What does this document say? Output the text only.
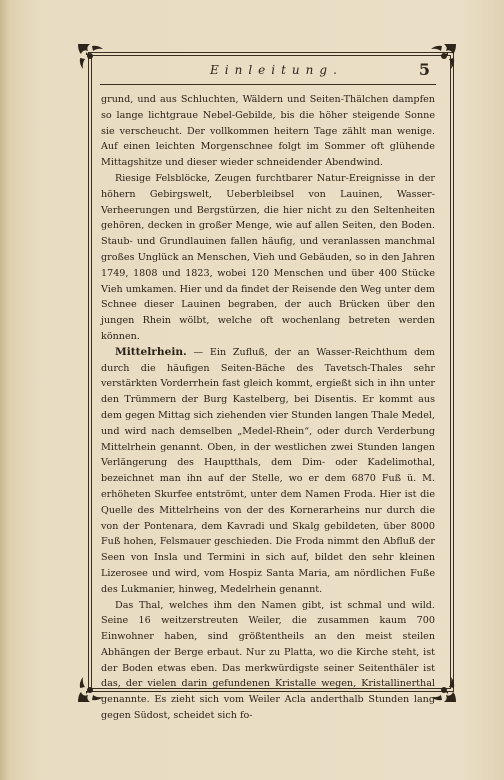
Einleitung.	5

grund, und aus Schluchten, Wäldern und Seiten-Thälchen dampfen so lange lichtgraue Nebel-Gebilde, bis die höher steigende Sonne sie verscheucht. Der vollkommen heitern Tage zählt man wenige. Auf einen leichten Morgenschnee folgt im Sommer oft glühende Mittagshitze und dieser wieder schneidender Abendwind.

Riesige Felsblöcke, Zeugen furchtbarer Natur-Ereignisse in der höhern Gebirgswelt, Ueberbleibsel von Lauinen, Wasser-Verheerungen und Bergstürzen, die hier nicht zu den Seltenheiten gehören, decken in großer Menge, wie auf allen Seiten, den Boden. Staub- und Grundlauinen fallen häufig, und veranlassen manchmal großes Unglück an Menschen, Vieh und Gebäuden, so in den Jahren 1749, 1808 und 1823, wobei 120 Menschen und über 400 Stücke Vieh umkamen. Hier und da findet der Reisende den Weg unter dem Schnee dieser Lauinen begraben, der auch Brücken über den jungen Rhein wölbt, welche oft wochenlang betreten werden können.

Mittelrhein. — Ein Zufluß, der an Wasser-Reichthum dem durch die häufigen Seiten-Bäche des Tavetsch-Thales sehr verstärkten Vorderrhein fast gleich kommt, ergießt sich in ihn unter den Trümmern der Burg Kastelberg, bei Disentis. Er kommt aus dem gegen Mittag sich ziehenden vier Stunden langen Thale Medel, und wird nach demselben „Medel-Rhein“, oder durch Verderbung Mittelrhein genannt. Oben, in der westlichen zwei Stunden langen Verlängerung des Hauptthals, dem Dim- oder Kadelimothal, bezeichnet man ihn auf der Stelle, wo er dem 6870 Fuß ü. M. erhöheten Skurfee entströmt, unter dem Namen Froda. Hier ist die Quelle des Mittelrheins von der des Kornerarheins nur durch die von der Pontenara, dem Kavradi und Skalg gebildeten, über 8000 Fuß hohen, Felsmauer geschieden. Die Froda nimmt den Abfluß der Seen von Insla und Termini in sich auf, bildet den sehr kleinen Lizerosee und wird, vom Hospiz Santa Maria, am nördlichen Fuße des Lukmanier, hinweg, Medelrhein genannt.

Das Thal, welches ihm den Namen gibt, ist schmal und wild. Seine 16 weitzerstreuten Weiler, die zusammen kaum 700 Einwohner haben, sind größtentheils an den meist steilen Abhängen der Berge erbaut. Nur zu Platta, wo die Kirche steht, ist der Boden etwas eben. Das merkwürdigste seiner Seitenthäler ist das, der vielen darin gefundenen Kristalle wegen, Kristallinerthal genannte. Es zieht sich vom Weiler Acla anderthalb Stunden lang gegen Südost, scheidet sich fo-
